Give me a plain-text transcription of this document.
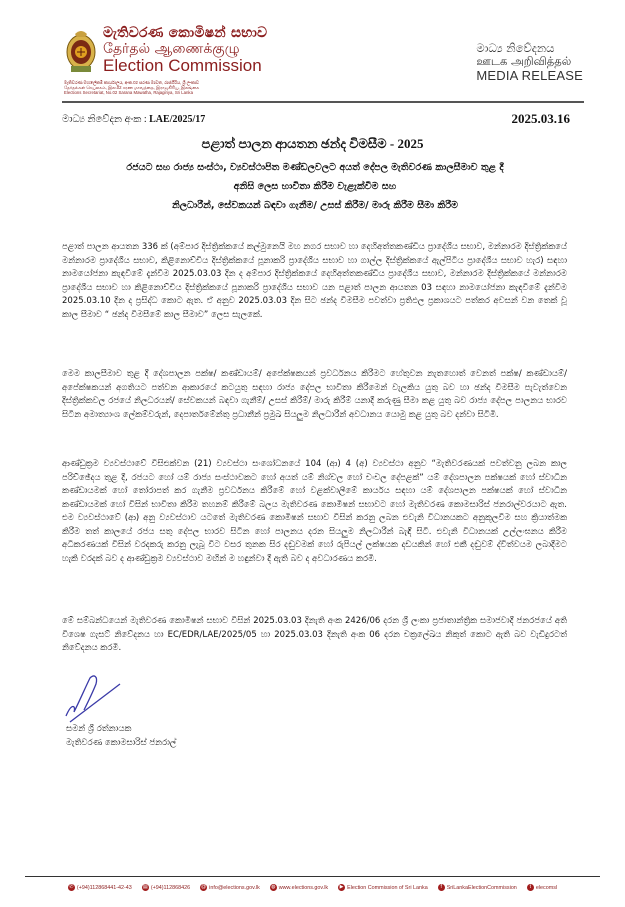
මැතිවරණ කොමිෂන් සභාව
தேர்தல் ஆணைக்குழு
Election Commission
මැතිවරණ මහලේකම් කාර්යාලය, අංක.02 සරණ මාවත, රාජගිරිය, ශ්‍රී ලංකාව
தேர்தல்கள் செயலகம், இல.02 சரண மாவத்தை, இராஜகிரிய, இலங்கை
Elections Secretariat, No.02 Sarana Mawatha, Rajagiriya, Sri Lanka
මාධ්‍ය නිවේදනය
ஊடக அறிவித்தல்
MEDIA RELEASE
මාධ්‍ය නිවේදන අංක : LAE/2025/17	2025.03.16
පළාත් පාලන ආයතන ඡන්ද විමසීම - 2025
රජයට සහ රාජ්‍ය සංස්ථා, ව්‍යවස්ථාපිත මණ්ඩලවලට අයත් දේපල මැතිවරණ කාලසීමාව තුළ දී
අනිසි ලෙස භාවිතා කිරීම වැළැක්වීම සහ
නිලධාරීන්, සේවකයන් බඳවා ගැනීම/ උසස් කිරීම/ මාරු කිරීම සීමා කිරීම
පළාත් පාලන ආයතන 336 ක් (අම්පාර දිස්ත්‍රික්කයේ කල්මුනෙයි මහ නගර සභාව හා දෙහිඅත්තකණ්ඩිය ප්‍රාදේශීය සභාව, මන්නාරම දිස්ත්‍රික්කයේ මන්නාරම ප්‍රාදේශීය සභාව, කිළිනොච්චිය දිස්ත්‍රික්කයේ පූනාකරි ප්‍රාදේශීය සභාව හා ගාල්ල දිස්ත්‍රික්කයේ ඇල්පිටිය ප්‍රාදේශීය සභාව හැර) සඳහා නාමයෝජනා කැඳවීමේ දැන්වීම 2025.03.03 දින ද අම්පාර දිස්ත්‍රික්කයේ දෙහිඅත්තකණ්ඩිය ප්‍රාදේශීය සභාව, මන්නාරම දිස්ත්‍රික්කයේ මන්නාරම ප්‍රාදේශීය සභාව හා කිළිනොච්චිය දිස්ත්‍රික්කයේ පූනාකරි ප්‍රාදේශීය සභාව යන පළාත් පාලන ආයතන 03 සඳහා නාමයෝජනා කැඳවීමේ දැන්වීම 2025.03.10 දින ද ප්‍රසිද්ධ කොට ඇත. ඒ අනුව 2025.03.03 දින සිට ඡන්ද විමසීම පවත්වා ප්‍රතිඵල ප්‍රකාශයට පත්කර අවසන් වන තෙක් වූ කාල සීමාව “ ඡන්ද විමසීමේ කාල සීමාව” ලෙස සැලකේ.
මෙම කාලසීමාව තුළ දී දේශපාලන පක්ෂ/ කණ්ඩායම්/ අපේක්ෂකයන් ප්‍රවර්ධනය කිරීමට හේතුවන නැතහොත් වෙනත් පක්ෂ/ කණ්ඩායම්/ අපේක්ෂකයන් අගතියට පත්වන ආකාරයේ කටයුතු සඳහා රාජ්‍ය දේපල භාවිතා කිරීමෙන් වැලකිය යුතු බව හා ඡන්ද විමසීම පැවැත්වෙන දිස්ත්‍රික්කවල රජයේ නිලධරයන්/ සේවකයන් බඳවා ගැනීම්/ උසස් කිරීම්/ මාරු කිරීම් යනාදී කරුණු සීමා කළ යුතු බව රාජ්‍ය දේපල පාලනය භාරව සිටින අමාත්‍යාංශ ලේකම්වරුන්, දෙපාර්තමේන්තු ප්‍රධානීන් ප්‍රමුඛ සියලුම නිලධාරීන් අවධානය යොමු කළ යුතු බව දන්වා සිටිමි.
ආණ්ඩුක්‍රම ව්‍යවස්ථාවේ විසිඑක්වන (21) ව්‍යවස්ථා සංශෝධනයේ 104 (ආ) 4 (අ) ව්‍යවස්ථා අනුව “මැතිවරණයක් පවත්වනු ලබන කාල පරිච්ඡේදය තුළ දී, රජයට හෝ යම් රාජ්‍ය සංස්ථාවකට හෝ අයත් යම් නිශ්චල හෝ චංචල දේපළක්” යම් දේශපාලන පක්ෂයක් හෝ ස්වාධීන කණ්ඩායමක් හෝ තෝරාපත් කර ගැනීම ප්‍රවර්ධනය කිරීමේ හෝ වළක්වාලීමේ කාර්යය සඳහා යම් දේශපාලන පක්ෂයක් හෝ ස්වාධීන කණ්ඩායමක් හෝ විසින් භාවිතා කිරීම තහනම් කිරීමේ බලය මැතිවරණ කොමිෂන් සභාවට හෝ මැතිවරණ කොමසාරිස් ජනරාල්වරයාට ඇත. එම ව්‍යවස්ථාවේ (ආ) අනු ව්‍යවස්ථාව යටතේ මැතිවරණ කොමිෂන් සභාව විසින් කරනු ලබන එවැනි විධානයකට අනුකූලවීම සහ ක්‍රියාත්මක කිරීම තත් කාලයේ රජය සතු දේපල භාරව සිටින හෝ පාලනය දරන සියලුම නිලධාරීන් බැඳී සිටී. එවැනි විධානයක් උල්ලංඝනය කිරීම අධිකරණයක් විසින් වරදකරු කරනු ලැබූ විට වසර තුනක සිර දඬුවමක් හෝ රුපියල් ලක්ෂයක දඩයකින් හෝ එකී දඬුවම් ද්විත්වයම ලබාදීමට හැකි වරදක් බව ද ආණ්ඩුක්‍රම ව්‍යවස්ථාව මඟින් ම හඳුන්වා දී ඇති බව ද අවධාරණය කරමි.
මේ සම්බන්ධයෙන් මැතිවරණ කොමිෂන් සභාව විසින් 2025.03.03 දිනැති අංක 2426/06 දරන ශ්‍රී ලංකා ප්‍රජාතාන්ත්‍රික සමාජවාදී ජනරජයේ අති විශෙෂ ගැසට් නිවේදනය හා EC/EDR/LAE/2025/05 හා 2025.03.03 දිනැති අංක 06 දරන චක්‍රලේඛය නිකුත් කොට ඇති බව වැඩිදුරටත් නිවේදනය කරමි.
සමන් ශ්‍රී රත්නායක
මැතිවරණ කොමසාරිස් ජනරාල්
✆ (+94)112868441-42-43 ▤ (+94)112868426 @ info@elections.gov.lk ◍ www.elections.gov.lk	▶ Election Commission of Sri Lanka	f SriLankaElectionCommission	t elecomsl
